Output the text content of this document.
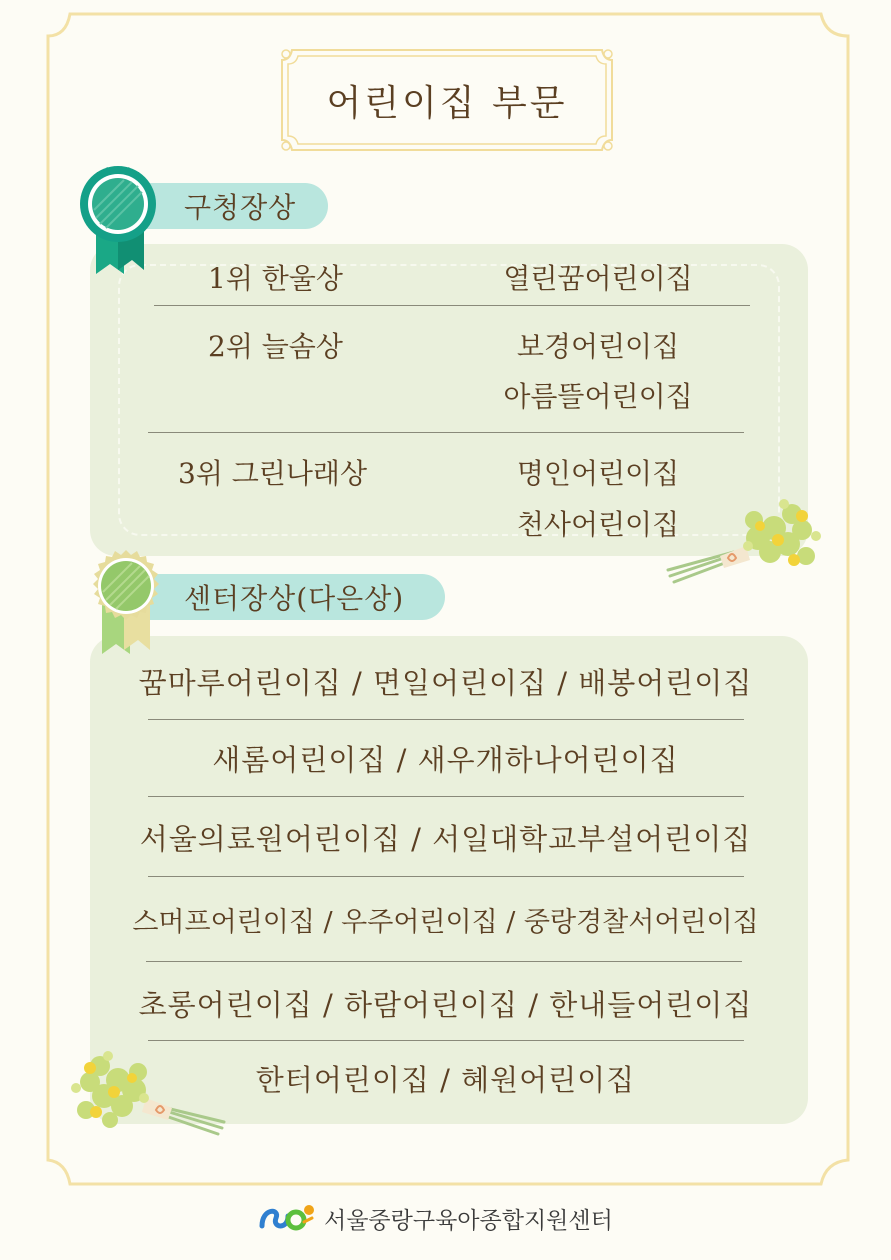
어린이집 부문
구청장상
1위 한울상	열린꿈어린이집
2위 늘솜상	보경어린이집
아름뜰어린이집
3위 그린나래상	명인어린이집
천사어린이집
센터장상(다은상)
꿈마루어린이집 / 면일어린이집 / 배봉어린이집
새롬어린이집 / 새우개하나어린이집
서울의료원어린이집 / 서일대학교부설어린이집
스머프어린이집 / 우주어린이집 / 중랑경찰서어린이집
초롱어린이집 / 하람어린이집 / 한내들어린이집
한터어린이집 / 혜원어린이집
서울중랑구육아종합지원센터
